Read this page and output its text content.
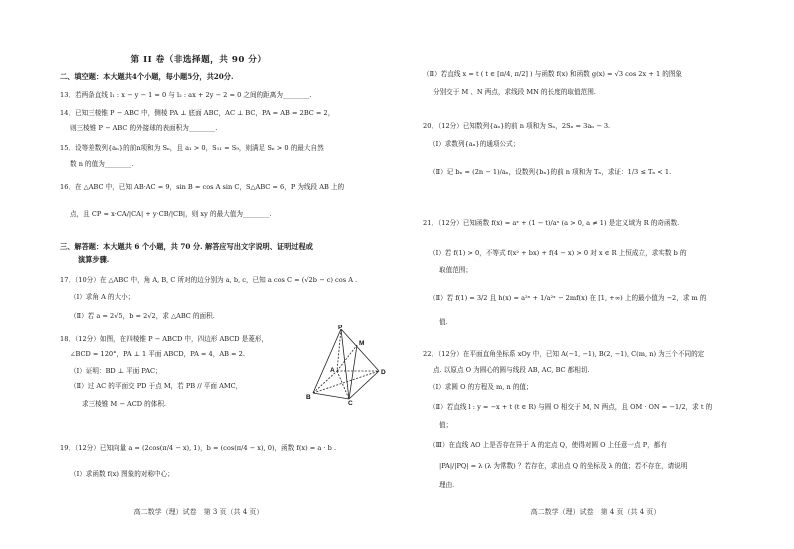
第 II 卷（非选择题，共 90 分）
二、填空题：本大题共4个小题，每小题5分，共20分.
13．若两条直线 l₁ : x − y − 1 = 0 与 l₂ : ax + 2y − 2 = 0 之间的距离为________.
14．已知三棱锥 P − ABC 中，侧棱 PA ⊥ 底面 ABC，AC ⊥ BC，PA = AB = 2BC = 2，
则三棱锥 P − ABC 的外接球的表面积为________.
15．设等差数列{aₙ}的前n项和为 Sₙ，且 a₁ > 0，S₁₁ = S₉，则满足 Sₙ > 0 的最大自然
数 n 的值为________.
16．在 △ABC 中，已知 AB·AC = 9，sin B = cos A sin C，S△ABC = 6，P 为线段 AB 上的
点，且 CP = x·CA/|CA| + y·CB/|CB|，则 xy 的最大值为________.
三、解答题：本大题共 6 个小题，共 70 分. 解答应写出文字说明、证明过程或
演算步骤.
17．（10分）在 △ABC 中，角 A, B, C 所对的边分别为 a, b, c，已知 a cos C = (√2b − c) cos A .
（Ⅰ）求角 A 的大小；
（Ⅱ）若 a = 2√5，b = 2√2，求 △ABC 的面积.
18．（12分）如图，在四棱锥 P − ABCD 中，四边形 ABCD 是菱形，
∠BCD = 120°，PA ⊥ 1 平面 ABCD，PA = 4，AB = 2.
（Ⅰ）证明：BD ⊥ 平面 PAC；
（Ⅱ）过 AC 的平面交 PD 于点 M，若 PB // 平面 AMC，
求三棱锥 M − ACD 的体积.
P
M
A
B
C
D
19．（12分）已知向量 a = (2cos(π/4 − x), 1)，b = (cos(π/4 − x), 0)，函数 f(x) = a · b .
（Ⅰ）求函数 f(x) 图象的对称中心；
高二数学（理）试卷　第 3 页（共 4 页）
（Ⅱ）若直线 x = t ( t ∈ [π/4, π/2] ) 与函数 f(x) 和函数 g(x) = √3 cos 2x + 1 的图象
分别交于 M 、N 两点，求线段 MN 的长度的取值范围.
20．（12分）已知数列{aₙ}的前 n 项和为 Sₙ，2Sₙ = 3aₙ − 3.
（Ⅰ）求数列{aₙ}的通项公式；
（Ⅱ）记 bₙ = (2n − 1)/aₙ，设数列{bₙ}的前 n 项和为 Tₙ，求证：1/3 ≤ Tₙ < 1.
21．（12分）已知函数 f(x) = aˣ + (1 − t)/aˣ (a > 0, a ≠ 1) 是定义域为 R 的奇函数.
（Ⅰ）若 f(1) > 0，不等式 f(x² + bx) + f(4 − x) > 0 对 x ∈ R 上恒成立，求实数 b 的
取值范围；
（Ⅱ）若 f(1) = 3/2 且 h(x) = a²ˣ + 1/a²ˣ − 2mf(x) 在 [1, +∞) 上的最小值为 −2，求 m 的
值.
22．（12分）在平面直角坐标系 xOy 中，已知 A(−1, −1), B(2, −1), C(m, n) 为三个不同的定
点. 以原点 O 为圆心的圆与线段 AB, AC, BC 都相切.
（Ⅰ）求圆 O 的方程及 m, n 的值；
（Ⅱ）若直线 l : y = −x + t (t ∈ R) 与圆 O 相交于 M, N 两点，且 OM · ON = −1/2，求 t 的
值；
（Ⅲ）在直线 AO 上是否存在异于 A 的定点 Q，使得对圆 O 上任意一点 P，都有
|PA|/|PQ| = λ (λ 为常数) ？若存在，求出点 Q 的坐标及 λ 的值；若不存在，请说明
理由.
高二数学（理）试卷　第 4 页（共 4 页）
